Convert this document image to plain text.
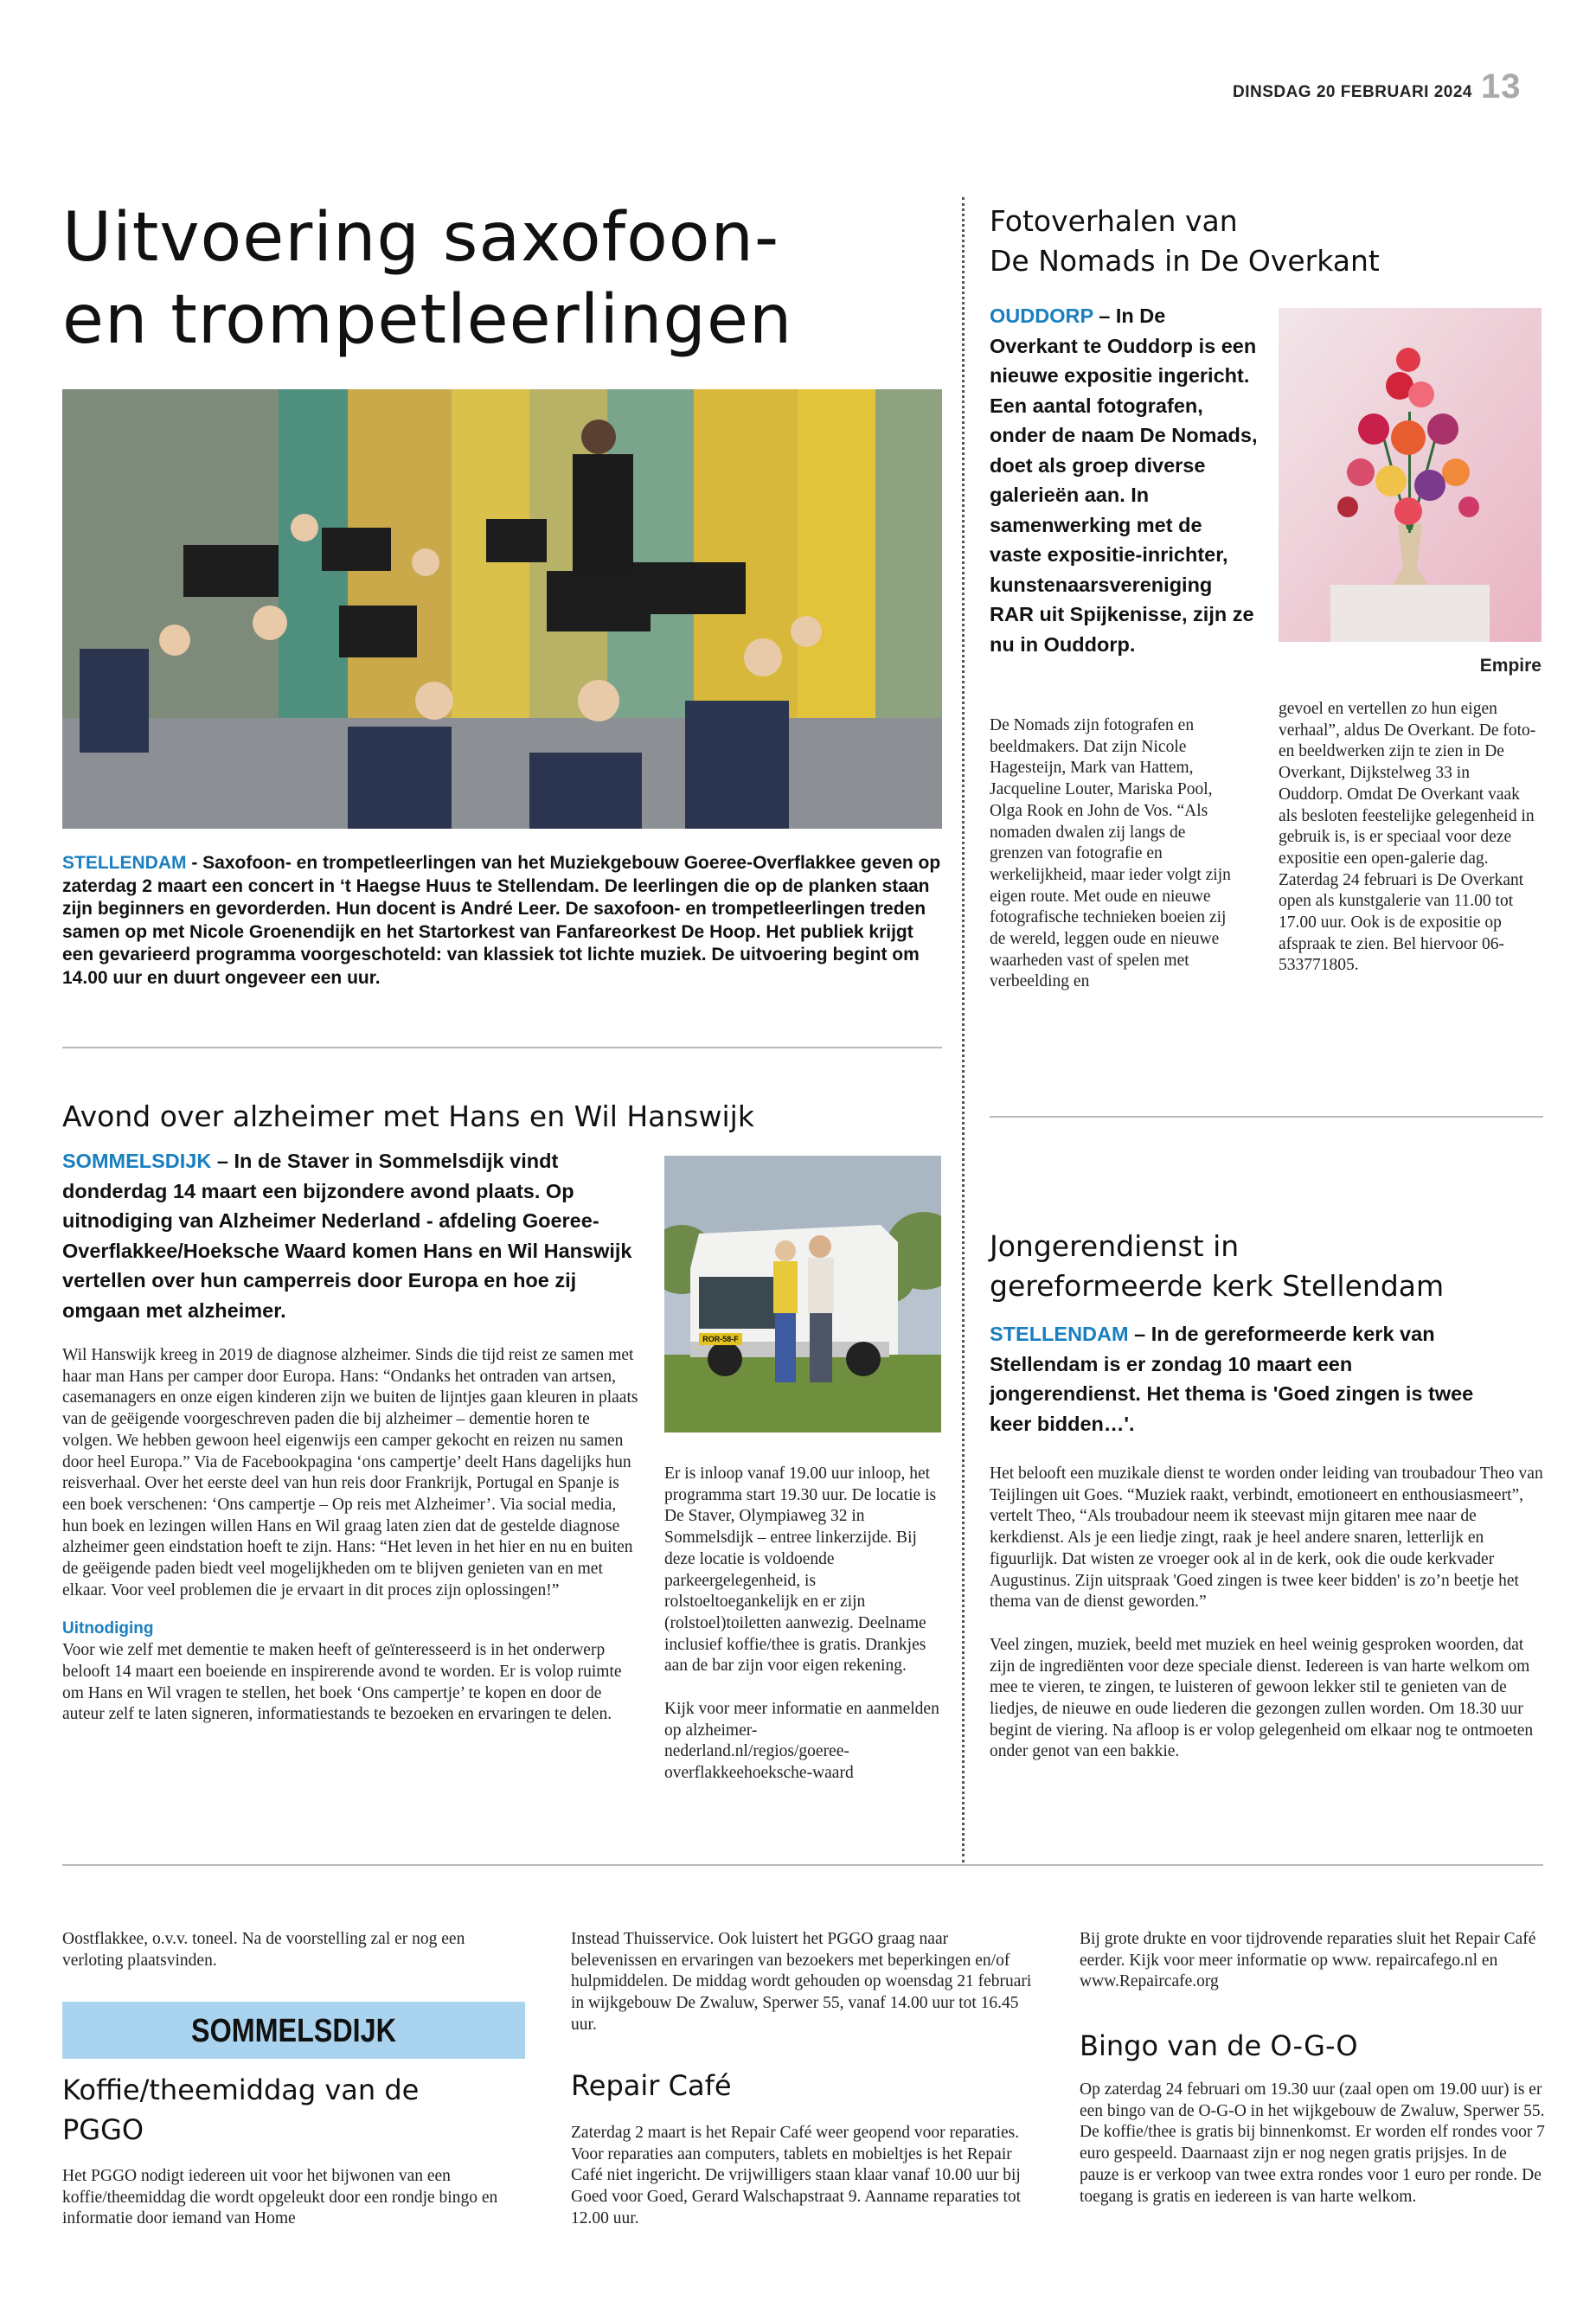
DINSDAG 20 FEBRUARI 2024 13
Uitvoering saxofoon-
en trompetleerlingen
STELLENDAM - Saxofoon- en trompetleerlingen van het Muziekgebouw Goeree-Overflakkee geven op zaterdag 2 maart een concert in ‘t Haegse Huus te Stellendam. De leerlingen die op de planken staan zijn beginners en gevorderden. Hun docent is André Leer. De saxofoon- en trompetleerlingen treden samen op met Nicole Groenendijk en het Startorkest van Fanfareorkest De Hoop. Het publiek krijgt een gevarieerd programma voorgeschoteld: van klassiek tot lichte muziek. De uitvoering begint om 14.00 uur en duurt ongeveer een uur.
Fotoverhalen van
De Nomads in De Overkant
OUDDORP – In De Overkant te Ouddorp is een nieuwe expositie ingericht. Een aantal fotografen, onder de naam De Nomads, doet als groep diverse galerieën aan. In samenwerking met de vaste expositie-inrichter, kunstenaarsvereniging RAR uit Spijkenisse, zijn ze nu in Ouddorp.
Empire
De Nomads zijn fotografen en beeldmakers. Dat zijn Nicole Hagesteijn, Mark van Hattem, Jacqueline Louter, Mariska Pool, Olga Rook en John de Vos. “Als nomaden dwalen zij langs de grenzen van fotografie en werkelijkheid, maar ieder volgt zijn eigen route. Met oude en nieuwe fotografische technieken boeien zij de wereld, leggen oude en nieuwe waarheden vast of spelen met verbeelding en
gevoel en vertellen zo hun eigen verhaal”, aldus De Overkant. De foto- en beeldwerken zijn te zien in De Overkant, Dijkstelweg 33 in Ouddorp. Omdat De Overkant vaak als besloten feestelijke gelegenheid in gebruik is, is er speciaal voor deze expositie een open-galerie dag. Zaterdag 24 februari is De Overkant open als kunstgalerie van 11.00 tot 17.00 uur. Ook is de expositie op afspraak te zien. Bel hiervoor 06-533771805.
Avond over alzheimer met Hans en Wil Hanswijk
SOMMELSDIJK – In de Staver in Sommelsdijk vindt donderdag 14 maart een bijzondere avond plaats. Op uitnodiging van Alzheimer Nederland - afdeling Goeree-Overflakkee/Hoeksche Waard komen Hans en Wil Hanswijk vertellen over hun camperreis door Europa en hoe zij omgaan met alzheimer.
ROR-58-F

Wil Hanswijk kreeg in 2019 de diagnose alzheimer. Sinds die tijd reist ze samen met haar man Hans per camper door Europa. Hans: “Ondanks het ontraden van artsen, casemanagers en onze eigen kinderen zijn we buiten de lijntjes gaan kleuren in plaats van de geëigende voorgeschreven paden die bij alzheimer – dementie horen te volgen. We hebben gewoon heel eigenwijs een camper gekocht en reizen nu samen door heel Europa.” Via de Facebookpagina ‘ons campertje’ deelt Hans dagelijks hun reisverhaal. Over het eerste deel van hun reis door Frankrijk, Portugal en Spanje is een boek verschenen: ‘Ons campertje – Op reis met Alzheimer’. Via social media, hun boek en lezingen willen Hans en Wil graag laten zien dat de gestelde diagnose alzheimer geen eindstation hoeft te zijn. Hans: “Het leven in het hier en nu en buiten de geëigende paden biedt veel mogelijkheden om te blijven genieten van en met elkaar. Voor veel problemen die je ervaart in dit proces zijn oplossingen!”

Uitnodiging

Voor wie zelf met dementie te maken heeft of geïnteresseerd is in het onderwerp belooft 14 maart een boeiende en inspirerende avond te worden. Er is volop ruimte om Hans en Wil vragen te stellen, het boek ‘Ons campertje’ te kopen en door de auteur zelf te laten signeren, informatiestands te bezoeken en ervaringen te delen.

Er is inloop vanaf 19.00 uur inloop, het programma start 19.30 uur. De locatie is De Staver, Olympiaweg 32 in Sommelsdijk – entree linkerzijde. Bij deze locatie is voldoende parkeergelegenheid, is rolstoeltoegankelijk en er zijn (rolstoel)toiletten aanwezig. Deelname inclusief koffie/thee is gratis. Drankjes aan de bar zijn voor eigen rekening.

Kijk voor meer informatie en aanmelden op alzheimer-nederland.nl/regios/goeree-overflakkeehoeksche-waard

Jongerendienst in
gereformeerde kerk Stellendam
STELLENDAM – In de gereformeerde kerk van Stellendam is er zondag 10 maart een jongerendienst. Het thema is 'Goed zingen is twee keer bidden…'.

Het belooft een muzikale dienst te worden onder leiding van troubadour Theo van Teijlingen uit Goes. “Muziek raakt, verbindt, emotioneert en enthousiasmeert”, vertelt Theo, “Als troubadour neem ik steevast mijn gitaren mee naar de kerkdienst. Als je een liedje zingt, raak je heel andere snaren, letterlijk en figuurlijk. Dat wisten ze vroeger ook al in de kerk, ook die oude kerkvader Augustinus. Zijn uitspraak 'Goed zingen is twee keer bidden' is zo’n beetje het thema van de dienst geworden.”

Veel zingen, muziek, beeld met muziek en heel weinig gesproken woorden, dat zijn de ingrediënten voor deze speciale dienst. Iedereen is van harte welkom om mee te vieren, te zingen, te luisteren of gewoon lekker stil te genieten van de liedjes, de nieuwe en oude liederen die gezongen zullen worden. Om 18.30 uur begint de viering. Na afloop is er volop gelegenheid om elkaar nog te ontmoeten onder genot van een bakkie.

Oostflakkee, o.v.v. toneel. Na de voorstelling zal er nog een verloting plaatsvinden.
SOMMELSDIJK
Koffie/theemiddag van de
PGGO
Het PGGO nodigt iedereen uit voor het bijwonen van een koffie/theemiddag die wordt opgeleukt door een rondje bingo en informatie door iemand van Home
Instead Thuisservice. Ook luistert het PGGO graag naar belevenissen en ervaringen van bezoekers met beperkingen en/of hulpmiddelen. De middag wordt gehouden op woensdag 21 februari in wijkgebouw De Zwaluw, Sperwer 55, vanaf 14.00 uur tot 16.45 uur.
Repair Café
Zaterdag 2 maart is het Repair Café weer geopend voor reparaties. Voor reparaties aan computers, tablets en mobieltjes is het Repair Café niet ingericht. De vrijwilligers staan klaar vanaf 10.00 uur bij Goed voor Goed, Gerard Walschapstraat 9. Aanname reparaties tot 12.00 uur.
Bij grote drukte en voor tijdrovende reparaties sluit het Repair Café eerder. Kijk voor meer informatie op www. repaircafego.nl en www.Repaircafe.org
Bingo van de O-G-O
Op zaterdag 24 februari om 19.30 uur (zaal open om 19.00 uur) is er een bingo van de O-G-O in het wijkgebouw de Zwaluw, Sperwer 55. De koffie/thee is gratis bij binnenkomst. Er worden elf rondes voor 7 euro gespeeld. Daarnaast zijn er nog negen gratis prijsjes. In de pauze is er verkoop van twee extra rondes voor 1 euro per ronde. De toegang is gratis en iedereen is van harte welkom.
